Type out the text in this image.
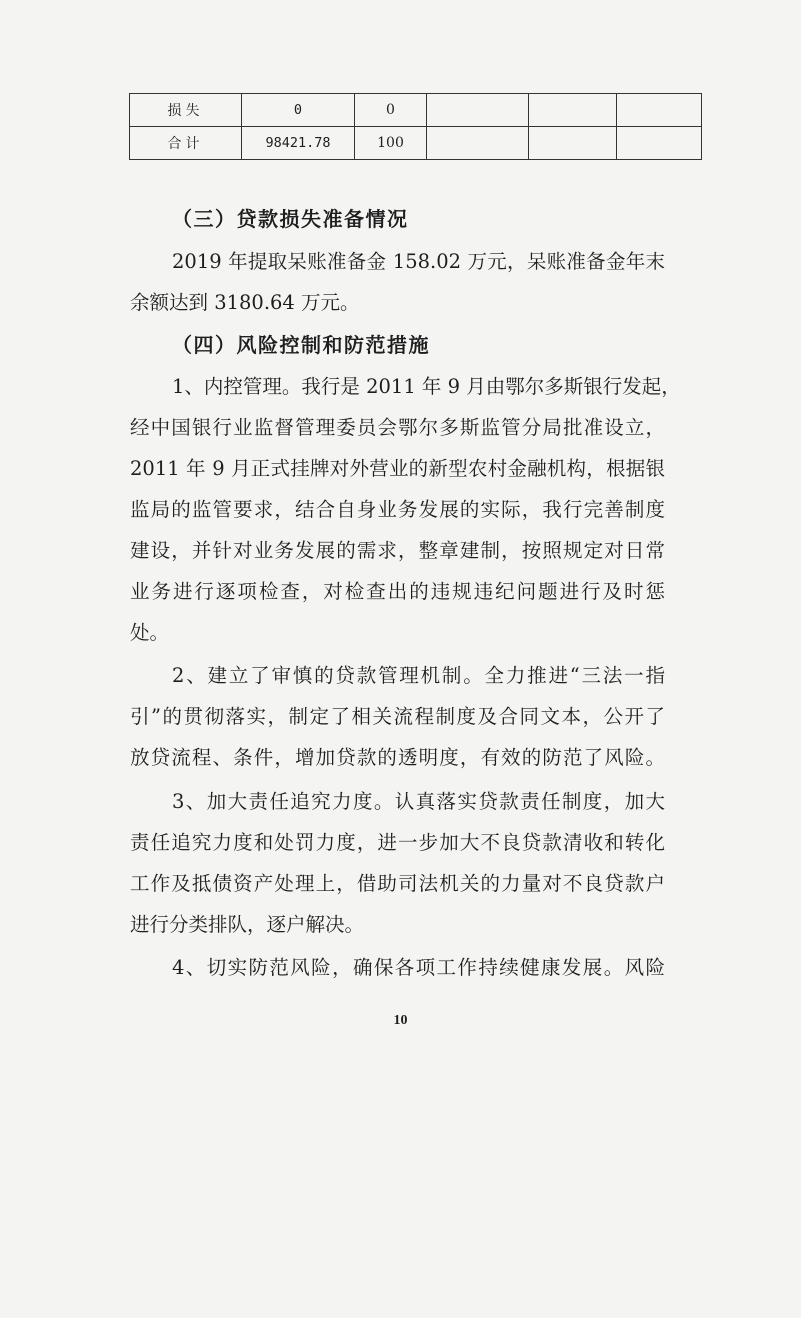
损失	0	0			
合计	98421.78	100			
（三）贷款损失准备情况
2019 年提取呆账准备金 158.02 万元，呆账准备金年末
余额达到 3180.64 万元。
（四）风险控制和防范措施
1、内控管理。我行是 2011 年 9 月由鄂尔多斯银行发起，
经中国银行业监督管理委员会鄂尔多斯监管分局批准设立，
2011 年 9 月正式挂牌对外营业的新型农村金融机构，根据银
监局的监管要求，结合自身业务发展的实际，我行完善制度
建设，并针对业务发展的需求，整章建制，按照规定对日常
业务进行逐项检查，对检查出的违规违纪问题进行及时惩
处。
2、建立了审慎的贷款管理机制。全力推进“三法一指
引”的贯彻落实，制定了相关流程制度及合同文本，公开了
放贷流程、条件，增加贷款的透明度，有效的防范了风险。
3、加大责任追究力度。认真落实贷款责任制度，加大
责任追究力度和处罚力度，进一步加大不良贷款清收和转化
工作及抵债资产处理上，借助司法机关的力量对不良贷款户
进行分类排队，逐户解决。
4、切实防范风险，确保各项工作持续健康发展。风险
10
